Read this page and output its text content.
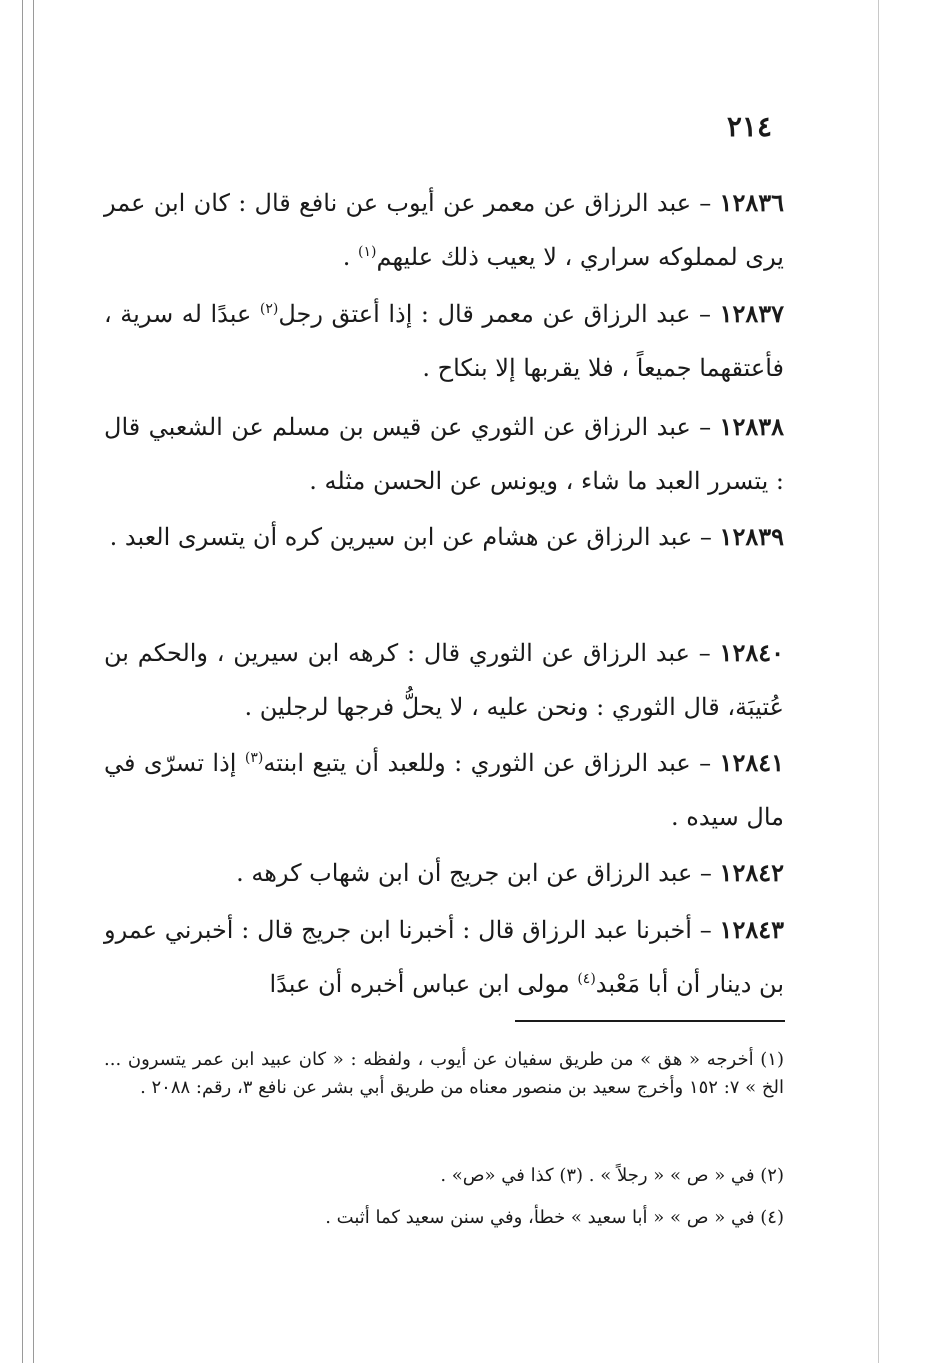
٢١٤
١٢٨٣٦ – عبد الرزاق عن معمر عن أيوب عن نافع قال : كان ابن عمر يرى لمملوكه سراري ، لا يعيب ذلك عليهم$^{(١)}$ .
١٢٨٣٧ – عبد الرزاق عن معمر قال : إذا أعتق رجل$^{(٢)}$ عبدًا له سرية ، فأعتقهما جميعاً ، فلا يقربها إلا بنكاح .
١٢٨٣٨ – عبد الرزاق عن الثوري عن قيس بن مسلم عن الشعبي قال : يتسرر العبد ما شاء ، ويونس عن الحسن مثله .
١٢٨٣٩ – عبد الرزاق عن هشام عن ابن سيرين كره أن يتسرى العبد .
١٢٨٤٠ – عبد الرزاق عن الثوري قال : كرهه ابن سيرين ، والحكم بن عُتيبَة، قال الثوري : ونحن عليه ، لا يحلُّ فرجها لرجلين .
١٢٨٤١ – عبد الرزاق عن الثوري : وللعبد أن يتبع ابنته$^{(٣)}$ إذا تسرّى في مال سيده .
١٢٨٤٢ – عبد الرزاق عن ابن جريج أن ابن شهاب كرهه .
١٢٨٤٣ – أخبرنا عبد الرزاق قال : أخبرنا ابن جريج قال : أخبرني عمرو بن دينار أن أبا مَعْبد$^{(٤)}$ مولى ابن عباس أخبره أن عبدًا
(١) أخرجه « هق » من طريق سفيان عن أيوب ، ولفظه : « كان عبيد ابن عمر يتسرون ... الخ » ٧: ١٥٢ وأخرج سعيد بن منصور معناه من طريق أبي بشر عن نافع ٣، رقم: ٢٠٨٨ .
(٢) في « ص » « رجلاً » . (٣) كذا في «ص» .
(٤) في « ص » « أبا سعيد » خطأ، وفي سنن سعيد كما أثبت .
